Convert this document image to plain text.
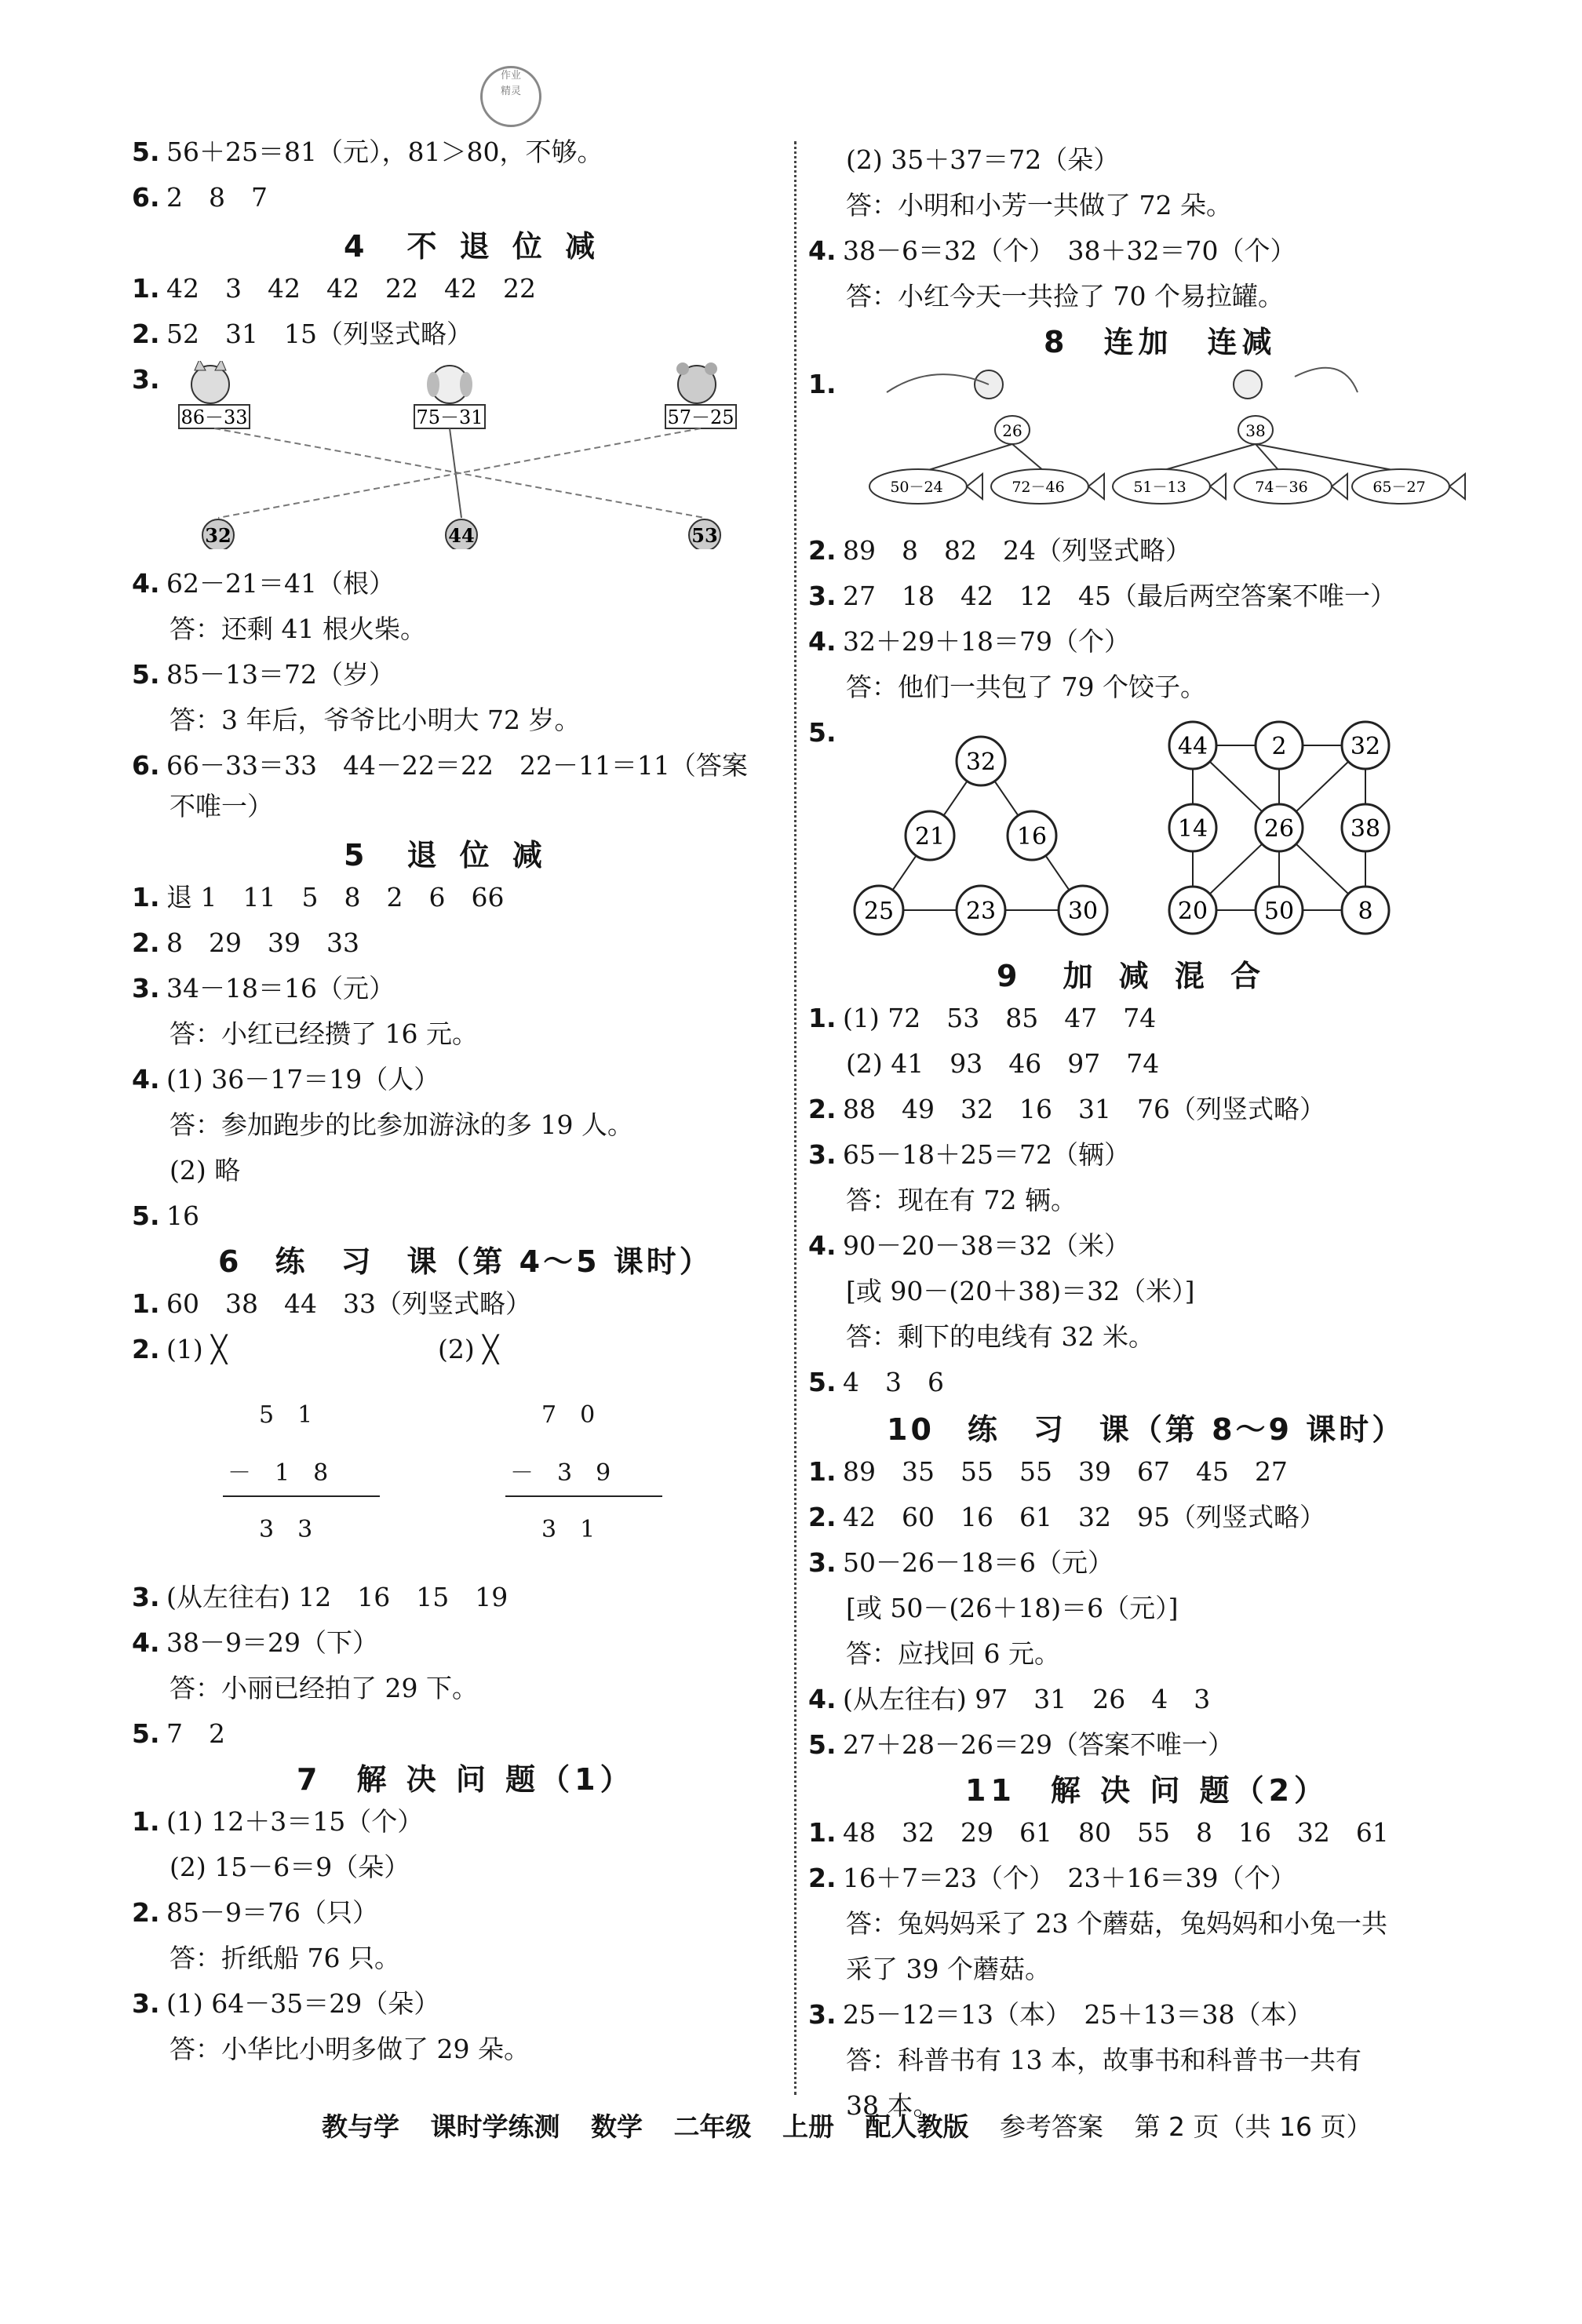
作业
精灵
5. 56＋25＝81（元），81＞80，不够。
6. 2　8　7
4　不 退 位 减
1. 42　3　42　42　22　42　22
2. 52　31　15（列竖式略）
3.
86－33	75－31	57－25
32	44	53
4. 62－21＝41（根）
答：还剩 41 根火柴。
5. 85－13＝72（岁）
答：3 年后，爷爷比小明大 72 岁。
6. 66－33＝33　44－22＝22　22－11＝11（答案
不唯一）
5　退 位 减
1. 退 1　11　5　8　2　6　66
2. 8　29　39　33
3. 34－18＝16（元）
答：小红已经攒了 16 元。
4. (1) 36－17＝19（人）
答：参加跑步的比参加游泳的多 19 人。
(2) 略
5. 16
6　练　习　课（第 4～5 课时）
1. 60　38　44　33（列竖式略）
2. (1) ╳	(2) ╳
5　1
－　1　8
3　3
7　0
－　3　9
3　1
3. (从左往右) 12　16　15　19
4. 38－9＝29（下）
答：小丽已经拍了 29 下。
5. 7　2
7　解 决 问 题（1）
1. (1) 12＋3＝15（个）
(2) 15－6＝9（朵）
2. 85－9＝76（只）
答：折纸船 76 只。
3. (1) 64－35＝29（朵）
答：小华比小明多做了 29 朵。
(2) 35＋37＝72（朵）
答：小明和小芳一共做了 72 朵。
4. 38－6＝32（个）　38＋32＝70（个）
答：小红今天一共捡了 70 个易拉罐。
8　连加　连减
1.
26	38
50－24	72－46	51－13	74－36	65－27
2. 89　8　82　24（列竖式略）
3. 27　18　42　12　45（最后两空答案不唯一）
4. 32＋29＋18＝79（个）
答：他们一共包了 79 个饺子。
5.
32
21	16
25	23	30
44	2	32
14 26 38
20 50	8
9　加 减 混 合
1. (1) 72　53　85　47　74
(2) 41　93　46　97　74
2. 88　49　32　16　31　76（列竖式略）
3. 65－18＋25＝72（辆）
答：现在有 72 辆。
4. 90－20－38＝32（米）
[或 90－(20＋38)＝32（米）]
答：剩下的电线有 32 米。
5. 4　3　6
10　练　习　课（第 8～9 课时）
1. 89　35　55　55　39　67　45　27
2. 42　60　16　61　32　95（列竖式略）
3. 50－26－18＝6（元）
[或 50－(26＋18)＝6（元）]
答：应找回 6 元。
4. (从左往右) 97　31　26　4　3
5. 27＋28－26＝29（答案不唯一）
11　解 决 问 题（2）
1. 48　32　29　61　80　55　8　16　32　61
2. 16＋7＝23（个）　23＋16＝39（个）
答：兔妈妈采了 23 个蘑菇，兔妈妈和小兔一共
采了 39 个蘑菇。
3. 25－12＝13（本）　25＋13＝38（本）
答：科普书有 13 本，故事书和科普书一共有
38 本。
教与学 课时学练测 数学 二年级 上册 配人教版 参考答案 第 2 页（共 16 页）
